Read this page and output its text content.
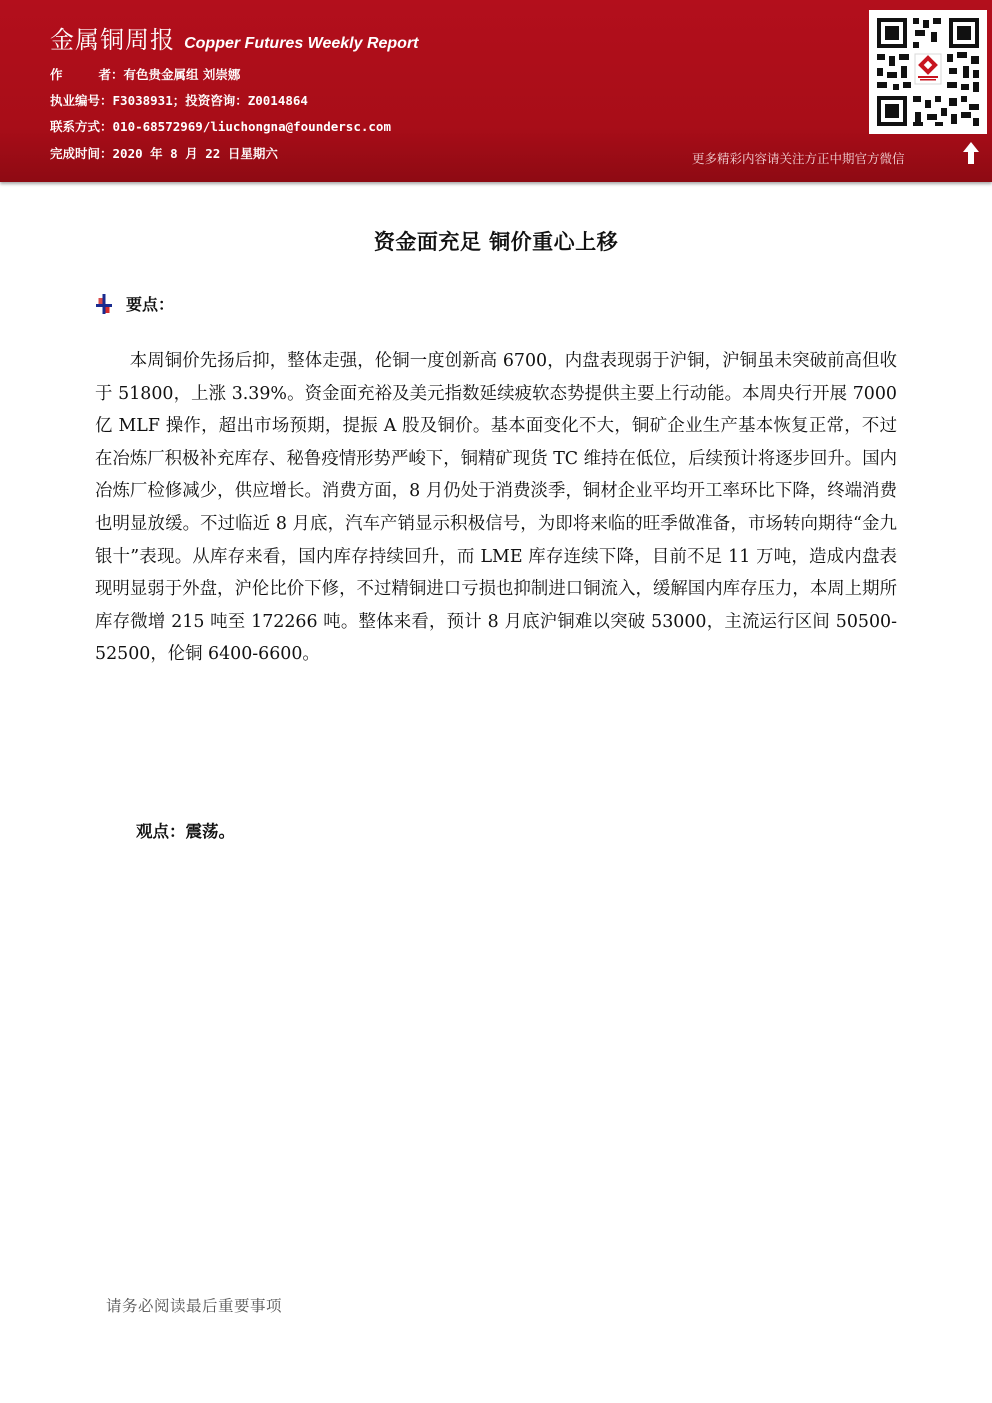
金属铜周报 Copper Futures Weekly Report
作	者：有色贵金属组 刘崇娜
执业编号：F3038931；投资咨询：Z0014864
联系方式：010-68572969/liuchongna@foundersc.com
完成时间：2020 年 8 月 22 日星期六	更多精彩内容请关注方正中期官方微信
资金面充足 铜价重心上移
要点：

本周铜价先扬后抑，整体走强，伦铜一度创新高 6700，内盘表现弱于沪铜，沪铜虽未突破前高但收于 51800，上涨 3.39%。资金面充裕及美元指数延续疲软态势提供主要上行动能。本周央行开展 7000 亿 MLF 操作，超出市场预期，提振 A 股及铜价。基本面变化不大，铜矿企业生产基本恢复正常，不过在冶炼厂积极补充库存、秘鲁疫情形势严峻下，铜精矿现货 TC 维持在低位，后续预计将逐步回升。国内冶炼厂检修减少，供应增长。消费方面，8 月仍处于消费淡季，铜材企业平均开工率环比下降，终端消费也明显放缓。不过临近 8 月底，汽车产销显示积极信号，为即将来临的旺季做准备，市场转向期待“金九银十”表现。从库存来看，国内库存持续回升，而 LME 库存连续下降，目前不足 11 万吨，造成内盘表现明显弱于外盘，沪伦比价下修，不过精铜进口亏损也抑制进口铜流入，缓解国内库存压力，本周上期所库存微增 215 吨至 172266 吨。整体来看，预计 8 月底沪铜难以突破 53000，主流运行区间 50500-52500，伦铜 6400-6600。

观点：震荡。
请务必阅读最后重要事项
